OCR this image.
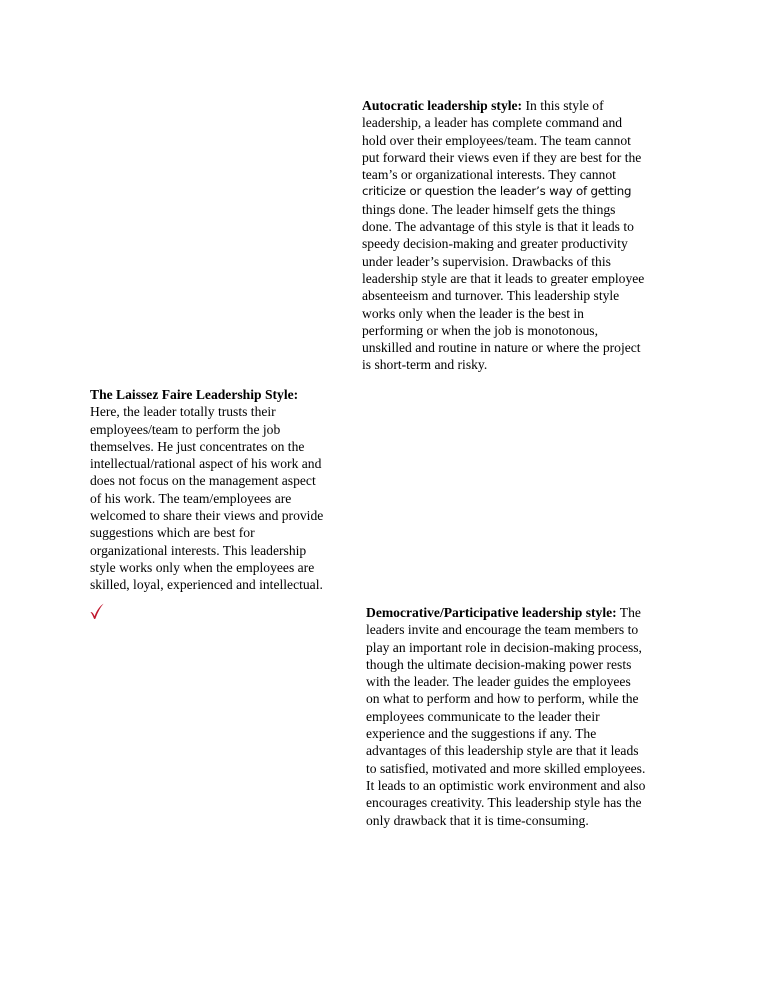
Autocratic leadership style: In this style of
leadership, a leader has complete command and
hold over their employees/team. The team cannot
put forward their views even if they are best for the
team’s or organizational interests. They cannot
criticize or question the leader’s way of getting
things done. The leader himself gets the things
done. The advantage of this style is that it leads to
speedy decision-making and greater productivity
under leader’s supervision. Drawbacks of this
leadership style are that it leads to greater employee
absenteeism and turnover. This leadership style
works only when the leader is the best in
performing or when the job is monotonous,
unskilled and routine in nature or where the project
is short-term and risky.
The Laissez Faire Leadership Style:
Here, the leader totally trusts their
employees/team to perform the job
themselves. He just concentrates on the
intellectual/rational aspect of his work and
does not focus on the management aspect
of his work. The team/employees are
welcomed to share their views and provide
suggestions which are best for
organizational interests. This leadership
style works only when the employees are
skilled, loyal, experienced and intellectual.
Democrative/Participative leadership style: The
leaders invite and encourage the team members to
play an important role in decision-making process,
though the ultimate decision-making power rests
with the leader. The leader guides the employees
on what to perform and how to perform, while the
employees communicate to the leader their
experience and the suggestions if any. The
advantages of this leadership style are that it leads
to satisfied, motivated and more skilled employees.
It leads to an optimistic work environment and also
encourages creativity. This leadership style has the
only drawback that it is time-consuming.
